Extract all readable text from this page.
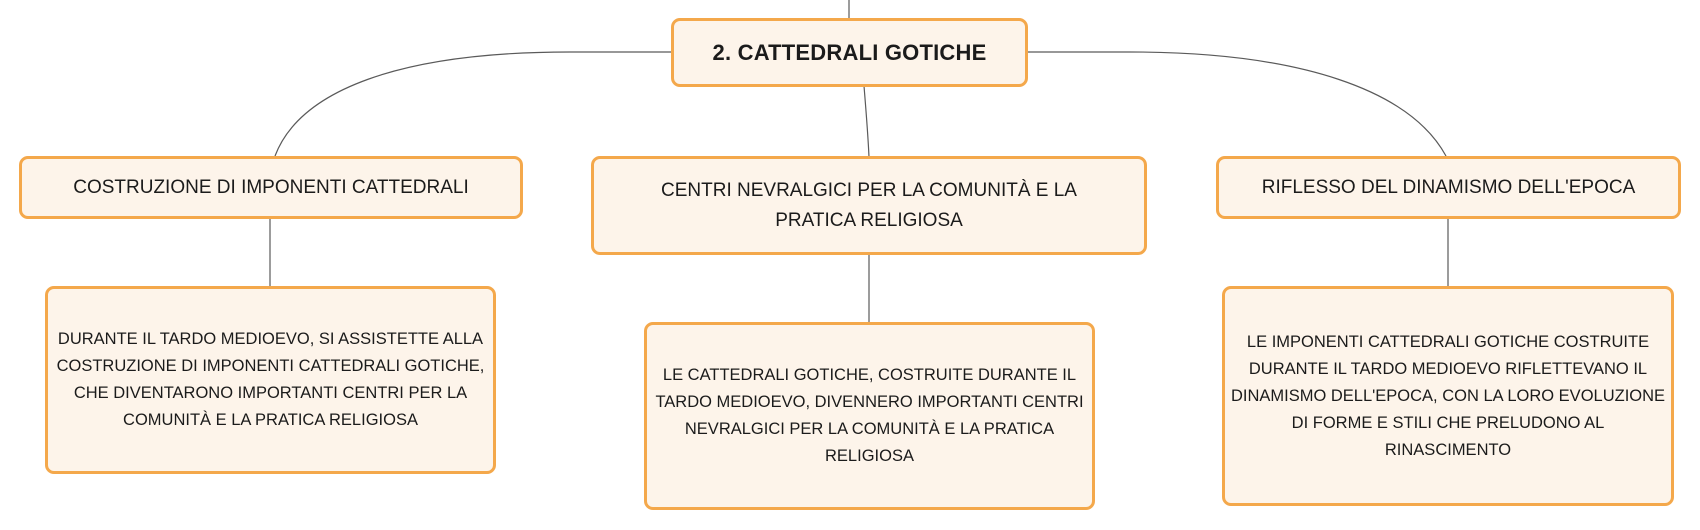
2. CATTEDRALI GOTICHE
COSTRUZIONE DI IMPONENTI CATTEDRALI	CENTRI NEVRALGICI PER LA COMUNITÀ E LA PRATICA RELIGIOSA
RIFLESSO DEL DINAMISMO DELL'EPOCA
DURANTE IL TARDO MEDIOEVO, SI ASSISTETTE ALLA COSTRUZIONE DI IMPONENTI CATTEDRALI GOTICHE, CHE DIVENTARONO IMPORTANTI CENTRI PER LA COMUNITÀ E LA PRATICA RELIGIOSA
LE CATTEDRALI GOTICHE, COSTRUITE DURANTE IL TARDO MEDIOEVO, DIVENNERO IMPORTANTI CENTRI NEVRALGICI PER LA COMUNITÀ E LA PRATICA RELIGIOSA
LE IMPONENTI CATTEDRALI GOTICHE COSTRUITE DURANTE IL TARDO MEDIOEVO RIFLETTEVANO IL DINAMISMO DELL'EPOCA, CON LA LORO EVOLUZIONE DI FORME E STILI CHE PRELUDONO AL RINASCIMENTO
